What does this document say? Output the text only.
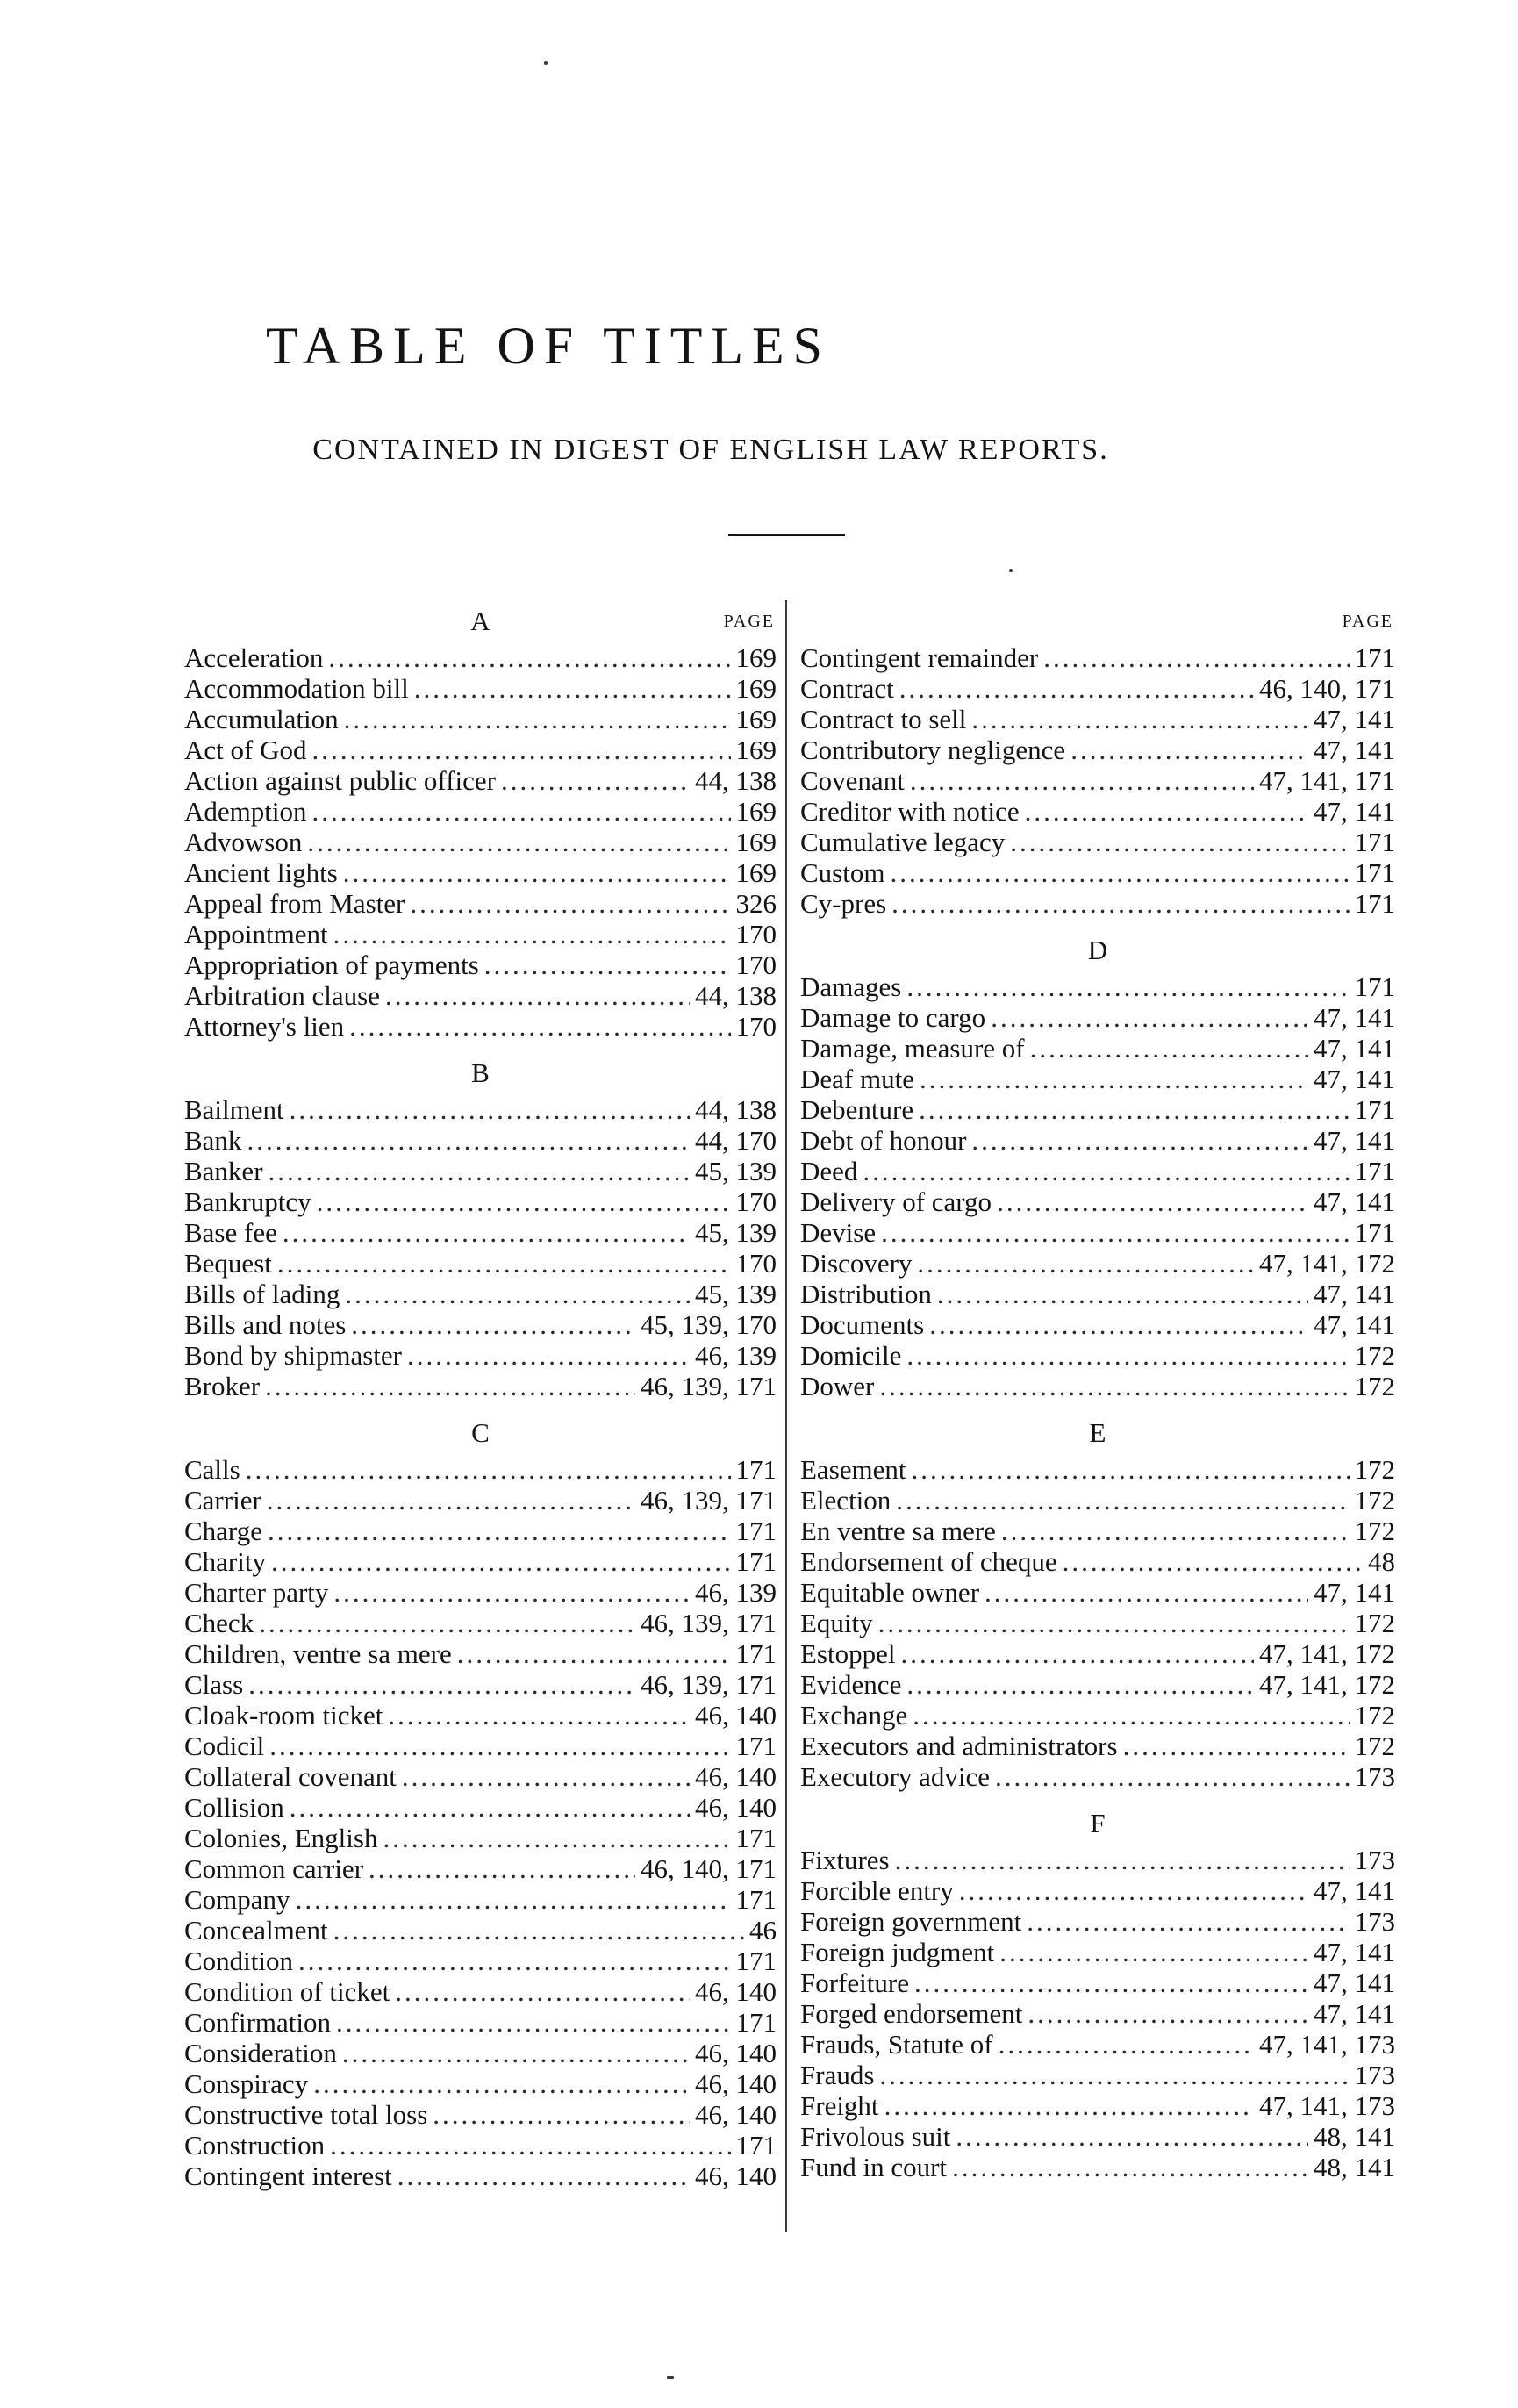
TABLE OF TITLES
CONTAINED IN DIGEST OF ENGLISH LAW REPORTS.
A	PAGE
Acceleration .....	169
Accommodation bill .....	169
Accumulation .....	169
Act of God .....	169
Action against public officer .....	44, 138
Ademption .....	169
Advowson .....	169
Ancient lights .....	169
Appeal from Master .....	326
Appointment .....	170
Appropriation of payments .....	170
Arbitration clause .....	44, 138
Attorney's lien .....	170
B
Bailment .....	44, 138
Bank .....	44, 170
Banker .....	45, 139
Bankruptcy .....	170
Base fee .....	45, 139
Bequest .....	170
Bills of lading .....	45, 139
Bills and notes .....	45, 139, 170
Bond by shipmaster .....	46, 139
Broker .....	46, 139, 171
C
Calls .....	171
Carrier .....	46, 139, 171
Charge .....	171
Charity .....	171
Charter party .....	46, 139
Check .....	46, 139, 171
Children, ventre sa mere .....	171
Class .....	46, 139, 171
Cloak-room ticket .....	46, 140
Codicil .....	171
Collateral covenant .....	46, 140
Collision .....	46, 140
Colonies, English .....	171
Common carrier .....	46, 140, 171
Company .....	171
Concealment .....	46
Condition .....	171
Condition of ticket .....	46, 140
Confirmation .....	171
Consideration .....	46, 140
Conspiracy .....	46, 140
Constructive total loss .....	46, 140
Construction .....	171
Contingent interest .....	46, 140
PAGE
Contingent remainder .....	171
Contract .....	46, 140, 171
Contract to sell .....	47, 141
Contributory negligence .....	47, 141
Covenant .....	47, 141, 171
Creditor with notice .....	47, 141
Cumulative legacy .....	171
Custom .....	171
Cy-pres .....	171
D
Damages .....	171
Damage to cargo .....	47, 141
Damage, measure of .....	47, 141
Deaf mute .....	47, 141
Debenture .....	171
Debt of honour .....	47, 141
Deed .....	171
Delivery of cargo .....	47, 141
Devise .....	171
Discovery .....	47, 141, 172
Distribution .....	47, 141
Documents .....	47, 141
Domicile .....	172
Dower .....	172
E
Easement .....	172
Election .....	172
En ventre sa mere .....	172
Endorsement of cheque .....	48
Equitable owner .....	47, 141
Equity .....	172
Estoppel .....	47, 141, 172
Evidence .....	47, 141, 172
Exchange .....	172
Executors and administrators .....	172
Executory advice .....	173
F
Fixtures .....	173
Forcible entry .....	47, 141
Foreign government .....	173
Foreign judgment .....	47, 141
Forfeiture .....	47, 141
Forged endorsement .....	47, 141
Frauds, Statute of .....	47, 141, 173
Frauds .....	173
Freight .....	47, 141, 173
Frivolous suit .....	48, 141
Fund in court .....	48, 141
